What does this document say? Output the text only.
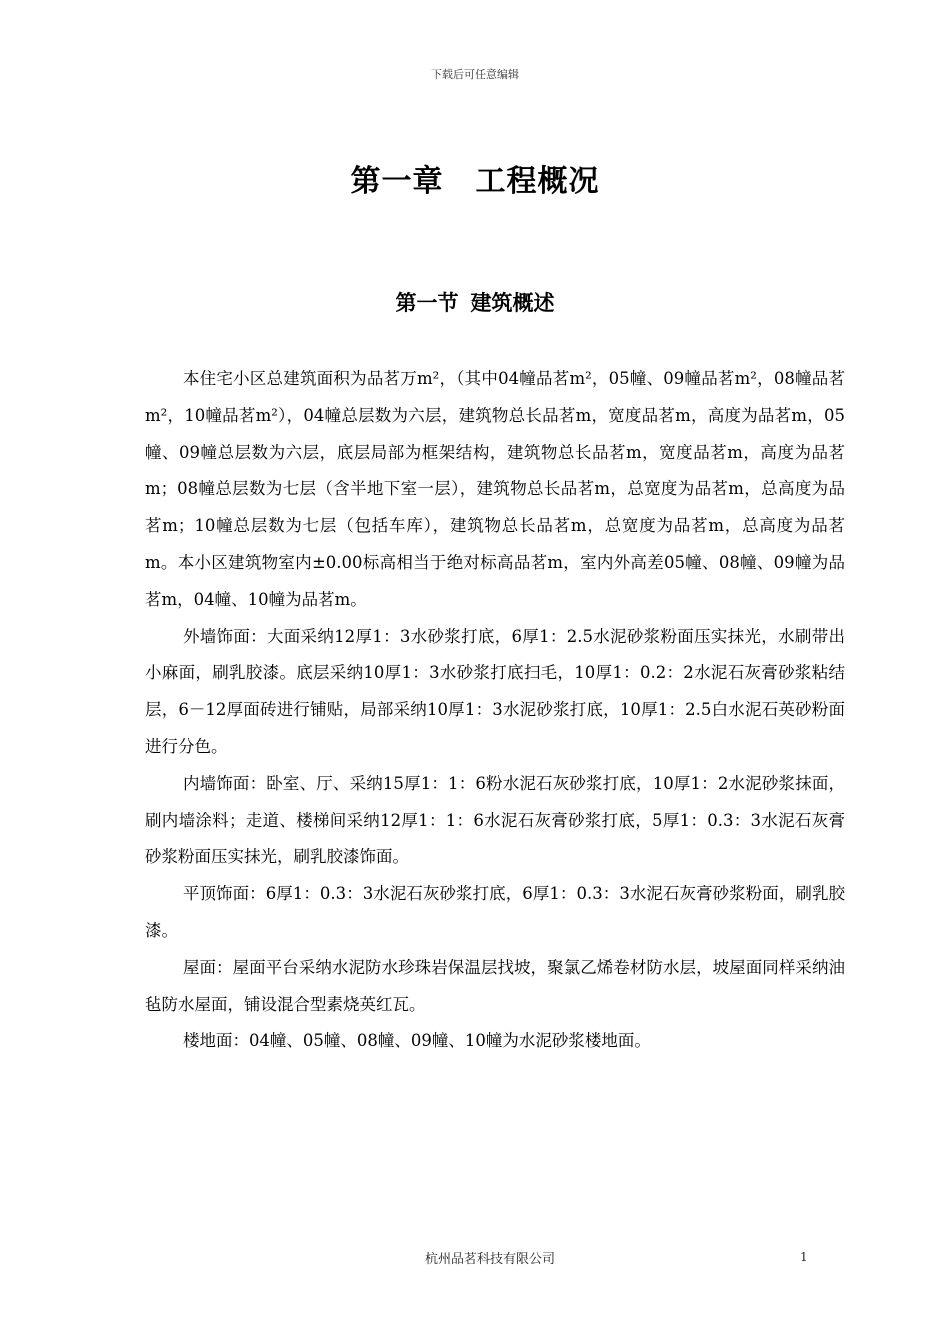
下载后可任意编辑
第一章 工程概况
第一节 建筑概述

本住宅小区总建筑面积为品茗万m²，（其中04幢品茗m²，05幢、09幢品茗m²，08幢品茗m²，10幢品茗m²），04幢总层数为六层，建筑物总长品茗m，宽度品茗m，高度为品茗m，05幢、09幢总层数为六层，底层局部为框架结构，建筑物总长品茗m，宽度品茗m，高度为品茗m；08幢总层数为七层（含半地下室一层），建筑物总长品茗m，总宽度为品茗m，总高度为品茗m；10幢总层数为七层（包括车库），建筑物总长品茗m，总宽度为品茗m，总高度为品茗m。本小区建筑物室内±0.00标高相当于绝对标高品茗m，室内外高差05幢、08幢、09幢为品茗m，04幢、10幢为品茗m。

外墙饰面：大面采纳12厚1：3水砂浆打底，6厚1：2.5水泥砂浆粉面压实抹光，水刷带出小麻面，刷乳胶漆。底层采纳10厚1：3水砂浆打底扫毛，10厚1：0.2：2水泥石灰膏砂浆粘结层，6－12厚面砖进行铺贴，局部采纳10厚1：3水泥砂浆打底，10厚1：2.5白水泥石英砂粉面进行分色。

内墙饰面：卧室、厅、采纳15厚1：1：6粉水泥石灰砂浆打底，10厚1：2水泥砂浆抹面，刷内墙涂料；走道、楼梯间采纳12厚1：1：6水泥石灰膏砂浆打底，5厚1：0.3：3水泥石灰膏砂浆粉面压实抹光，刷乳胶漆饰面。

平顶饰面：6厚1：0.3：3水泥石灰砂浆打底，6厚1：0.3：3水泥石灰膏砂浆粉面，刷乳胶漆。

屋面：屋面平台采纳水泥防水珍珠岩保温层找坡，聚氯乙烯卷材防水层，坡屋面同样采纳油毡防水屋面，铺设混合型素烧英红瓦。

楼地面：04幢、05幢、08幢、09幢、10幢为水泥砂浆楼地面。

杭州品茗科技有限公司	1
